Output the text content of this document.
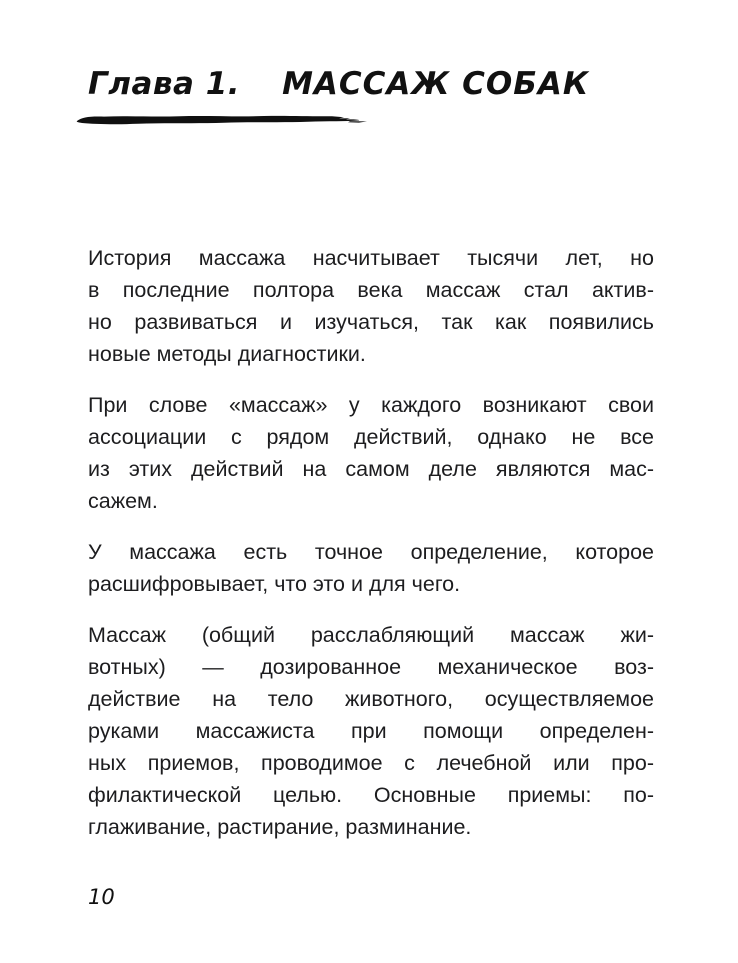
Глава 1. МАССАЖ СОБАК
История массажа насчитывает тысячи лет, но
в последние полтора века массаж стал актив-
но развиваться и изучаться, так как появились
новые методы диагностики.
При слове «массаж» у каждого возникают свои
ассоциации с рядом действий, однако не все
из этих действий на самом деле являются мас-
сажем.
У массажа есть точное определение, которое
расшифровывает, что это и для чего.
Массаж (общий расслабляющий массаж жи-
вотных) — дозированное механическое воз-
действие на тело животного, осуществляемое
руками массажиста при помощи определен-
ных приемов, проводимое с лечебной или про-
филактической целью. Основные приемы: по-
глаживание, растирание, разминание.
10
